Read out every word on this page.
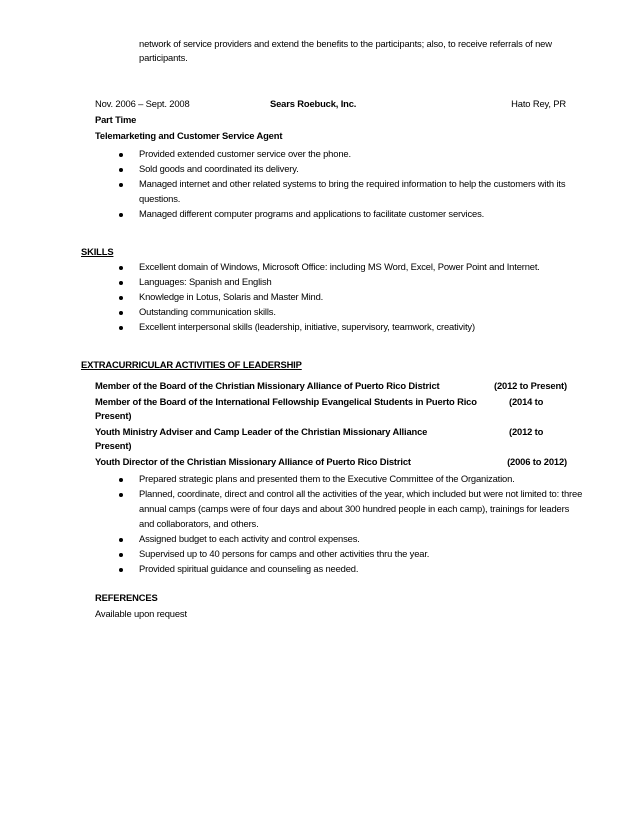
network of service providers and extend the benefits to the participants; also, to receive referrals of new
participants.
Nov. 2006 – Sept. 2008	Sears Roebuck, Inc.	Hato Rey, PR
Part Time
Telemarketing and Customer Service Agent
Provided extended customer service over the phone.
Sold goods and coordinated its delivery.
Managed internet and other related systems to bring the required information to help the customers with its
questions.
Managed different computer programs and applications to facilitate customer services.
SKILLS
Excellent domain of Windows, Microsoft Office: including MS Word, Excel, Power Point and Internet.
Languages: Spanish and English
Knowledge in Lotus, Solaris and Master Mind.
Outstanding communication skills.
Excellent interpersonal skills (leadership, initiative, supervisory, teamwork, creativity)
EXTRACURRICULAR ACTIVITIES OF LEADERSHIP
Member of the Board of the Christian Missionary Alliance of Puerto Rico District	(2012 to Present)
Member of the Board of the International Fellowship Evangelical Students in Puerto Rico	(2014 to
Present)
Youth Ministry Adviser and Camp Leader of the Christian Missionary Alliance	(2012 to
Present)
Youth Director of the Christian Missionary Alliance of Puerto Rico District	(2006 to 2012)
Prepared strategic plans and presented them to the Executive Committee of the Organization.
Planned, coordinate, direct and control all the activities of the year, which included but were not limited to: three
annual camps (camps were of four days and about 300 hundred people in each camp), trainings for leaders
and collaborators, and others.
Assigned budget to each activity and control expenses.
Supervised up to 40 persons for camps and other activities thru the year.
Provided spiritual guidance and counseling as needed.
REFERENCES
Available upon request
